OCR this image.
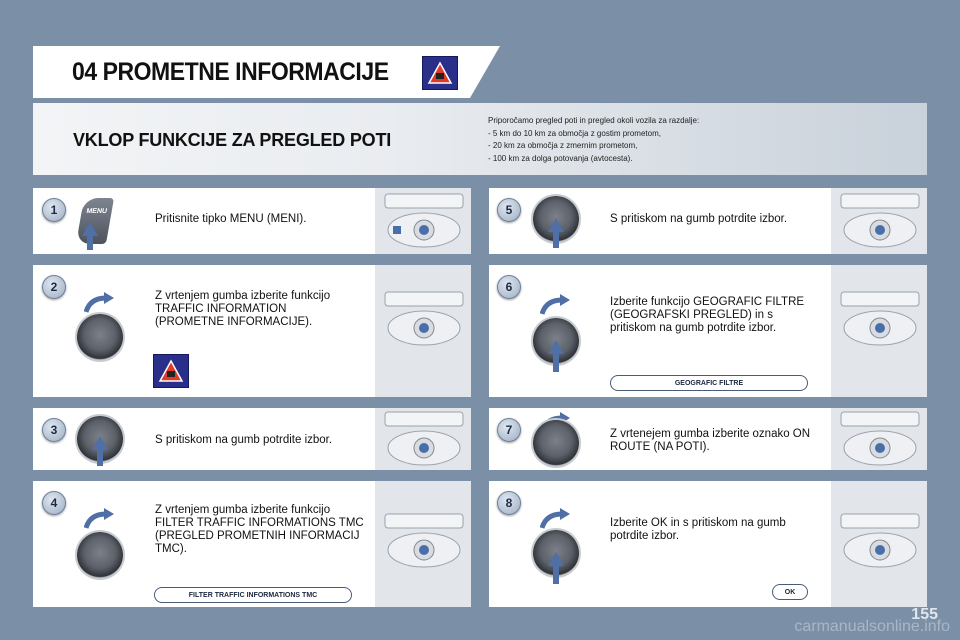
04 PROMETNE INFORMACIJE
VKLOP FUNKCIJE ZA PREGLED POTI
Priporočamo pregled poti in pregled okoli vozila za razdalje:
- 5 km do 10 km za območja z gostim prometom,
- 20 km za območja z zmernim prometom,
- 100 km za dolga potovanja (avtocesta).
1	MENU
Pritisnite tipko MENU (MENI).
2
Z vrtenjem gumba izberite funkcijo TRAFFIC INFORMATION (PROMETNE INFORMACIJE).
3
S pritiskom na gumb potrdite izbor.
4	Z vrtenjem gumba izberite funkcijo FILTER TRAFFIC INFORMATIONS TMC (PREGLED PROMETNIH INFORMACIJ TMC).
FILTER TRAFFIC INFORMATIONS TMC
5
S pritiskom na gumb potrdite izbor.
6
Izberite funkcijo GEOGRAFIC FILTRE (GEOGRAFSKI PREGLED) in s pritiskom na gumb potrdite izbor.
GEOGRAFIC FILTRE
7	Z vrtenejem gumba izberite oznako ON ROUTE (NA POTI).
8
Izberite OK in s pritiskom na gumb potrdite izbor.
OK
155
carmanualsonline.info
